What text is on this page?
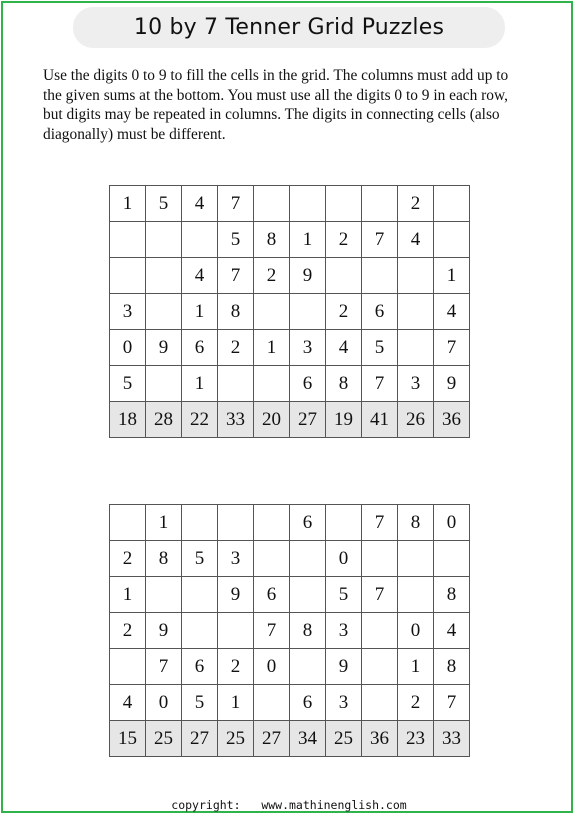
10 by 7 Tenner Grid Puzzles
Use the digits 0 to 9 to fill the cells in the grid. The columns must add up to
the given sums at the bottom. You must use all the digits 0 to 9 in each row,
but digits may be repeated in columns. The digits in connecting cells (also
diagonally) must be different.
1	5	4	7					2	
			5	8	1	2	7	4	
		4	7	2	9				1
3		1	8			2	6		4
0	9	6	2	1	3	4	5		7
5		1			6	8	7	3	9
18	28	22	33	20	27	19	41	26	36
	1				6		7	8	0
2	8	5	3			0			
1			9	6		5	7		8
2	9			7	8	3		0	4
	7	6	2	0		9		1	8
4	0	5	1		6	3		2	7
15	25	27	25	27	34	25	36	23	33
copyright: www.mathinenglish.com
